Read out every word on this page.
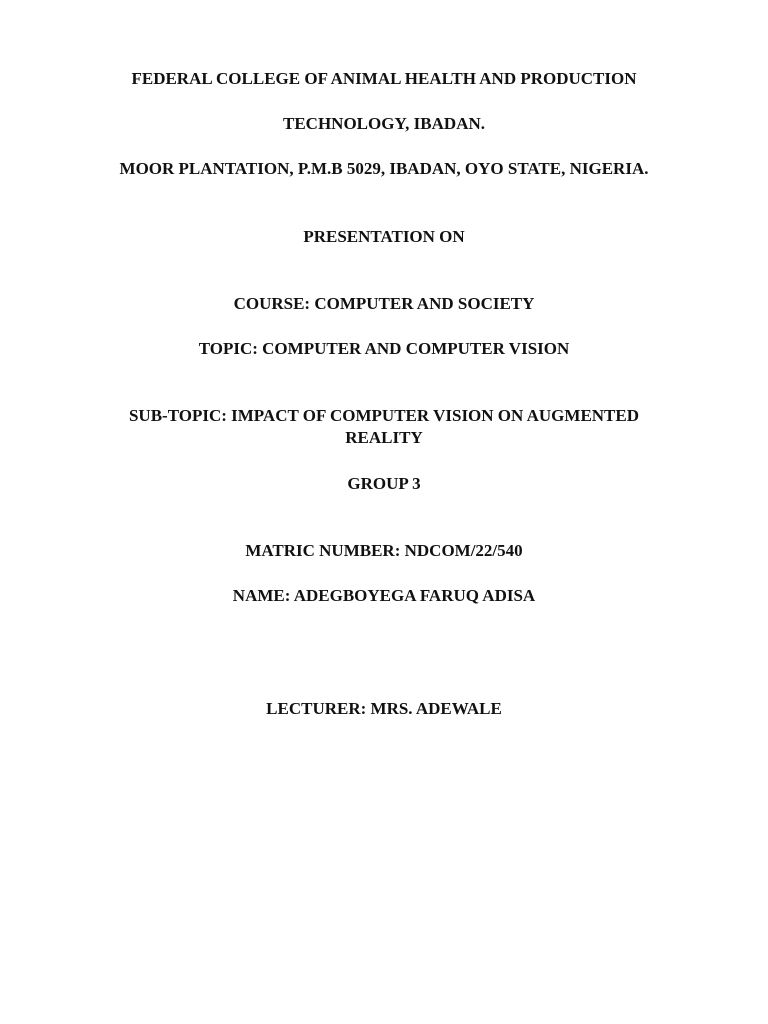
FEDERAL COLLEGE OF ANIMAL HEALTH AND PRODUCTION
TECHNOLOGY, IBADAN.
MOOR PLANTATION, P.M.B 5029, IBADAN, OYO STATE, NIGERIA.
PRESENTATION ON
COURSE: COMPUTER AND SOCIETY
TOPIC: COMPUTER AND COMPUTER VISION
SUB-TOPIC: IMPACT OF COMPUTER VISION ON AUGMENTED REALITY
GROUP 3
MATRIC NUMBER: NDCOM/22/540
NAME: ADEGBOYEGA FARUQ ADISA
LECTURER: MRS. ADEWALE
